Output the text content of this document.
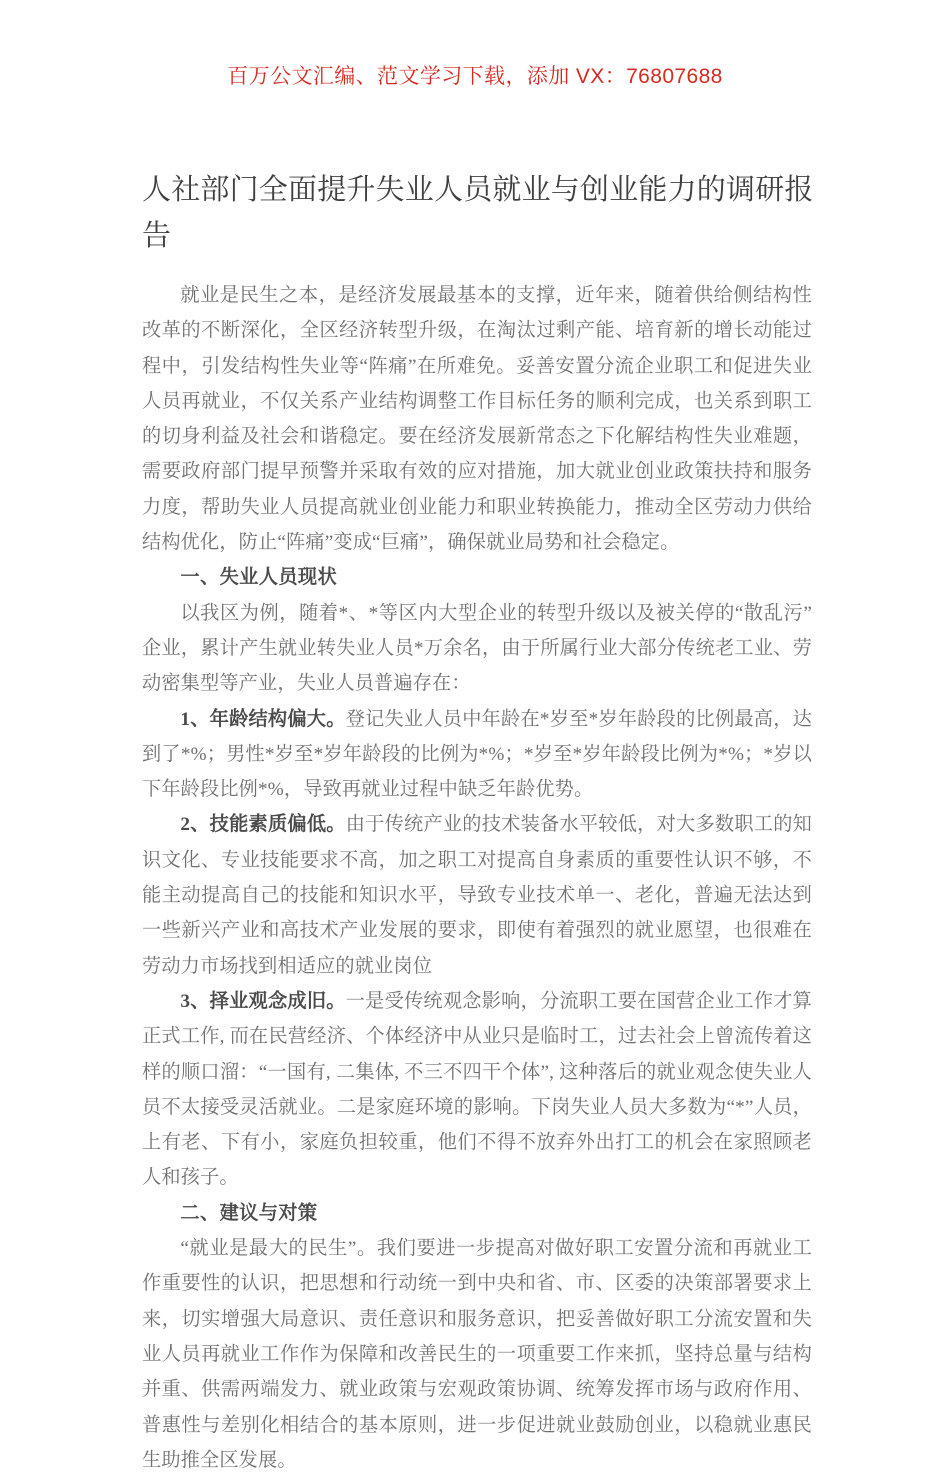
百万公文汇编、范文学习下载，添加 VX：76807688
人社部门全面提升失业人员就业与创业能力的调研报告

就业是民生之本，是经济发展最基本的支撑，近年来，随着供给侧结构性改革的不断深化，全区经济转型升级，在淘汰过剩产能、培育新的增长动能过程中，引发结构性失业等“阵痛”在所难免。妥善安置分流企业职工和促进失业人员再就业，不仅关系产业结构调整工作目标任务的顺利完成，也关系到职工的切身利益及社会和谐稳定。要在经济发展新常态之下化解结构性失业难题，需要政府部门提早预警并采取有效的应对措施，加大就业创业政策扶持和服务力度，帮助失业人员提高就业创业能力和职业转换能力，推动全区劳动力供给结构优化，防止“阵痛”变成“巨痛”，确保就业局势和社会稳定。

一、失业人员现状

以我区为例，随着*、*等区内大型企业的转型升级以及被关停的“散乱污”企业，累计产生就业转失业人员*万余名，由于所属行业大部分传统老工业、劳动密集型等产业，失业人员普遍存在：

1、年龄结构偏大。登记失业人员中年龄在*岁至*岁年龄段的比例最高，达到了*%；男性*岁至*岁年龄段的比例为*%；*岁至*岁年龄段比例为*%；*岁以下年龄段比例*%，导致再就业过程中缺乏年龄优势。

2、技能素质偏低。由于传统产业的技术装备水平较低，对大多数职工的知识文化、专业技能要求不高，加之职工对提高自身素质的重要性认识不够，不能主动提高自己的技能和知识水平，导致专业技术单一、老化，普遍无法达到一些新兴产业和高技术产业发展的要求，即使有着强烈的就业愿望，也很难在劳动力市场找到相适应的就业岗位

3、择业观念成旧。一是受传统观念影响，分流职工要在国营企业工作才算正式工作, 而在民营经济、个体经济中从业只是临时工，过去社会上曾流传着这样的顺口溜：“一国有, 二集体, 不三不四干个体”, 这种落后的就业观念使失业人员不太接受灵活就业。二是家庭环境的影响。下岗失业人员大多数为“*”人员，上有老、下有小，家庭负担较重，他们不得不放弃外出打工的机会在家照顾老人和孩子。

二、建议与对策

“就业是最大的民生”。我们要进一步提高对做好职工安置分流和再就业工作重要性的认识，把思想和行动统一到中央和省、市、区委的决策部署要求上来，切实增强大局意识、责任意识和服务意识，把妥善做好职工分流安置和失业人员再就业工作作为保障和改善民生的一项重要工作来抓，坚持总量与结构并重、供需两端发力、就业政策与宏观政策协调、统筹发挥市场与政府作用、普惠性与差别化相结合的基本原则，进一步促进就业鼓励创业，以稳就业惠民生助推全区发展。
